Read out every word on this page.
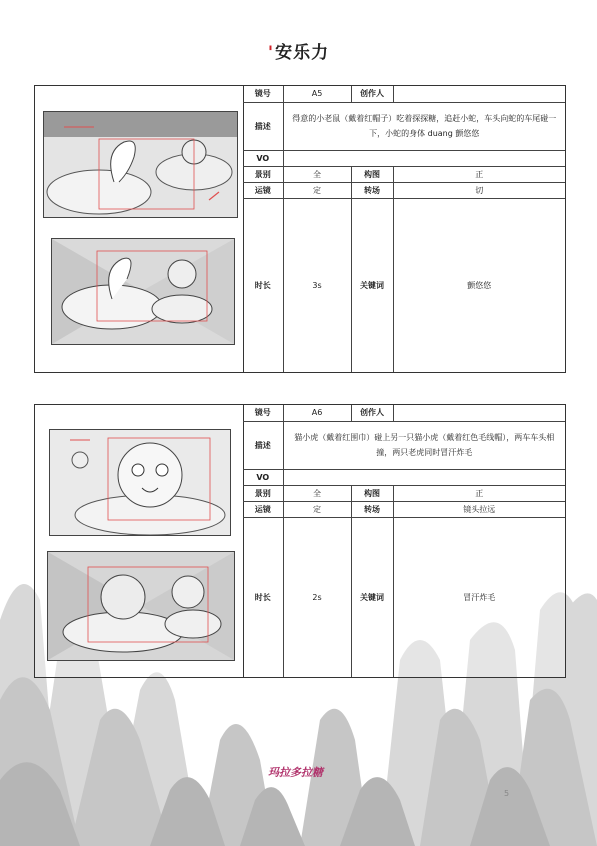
'安乐力
镜号	A5	创作人	
描述	得意的小老鼠（戴着红帽子）吃着探探糖，追赶小蛇，车头向蛇的车尾碰一下，小蛇的身体 duang 颤悠悠		
VO			
景别	全	构图	正
运镜	定	转场	切
时长	3s	关键词	颤悠悠
镜号	A6	创作人	
描述	猫小虎（戴着红围巾）碰上另一只猫小虎（戴着红色毛线帽），两车车头相撞，两只老虎同时冒汗炸毛		
VO			
景别	全	构图	正
运镜	定	转场	镜头拉远
时长	2s	关键词	冒汗炸毛
玛拉多拉糖
5
